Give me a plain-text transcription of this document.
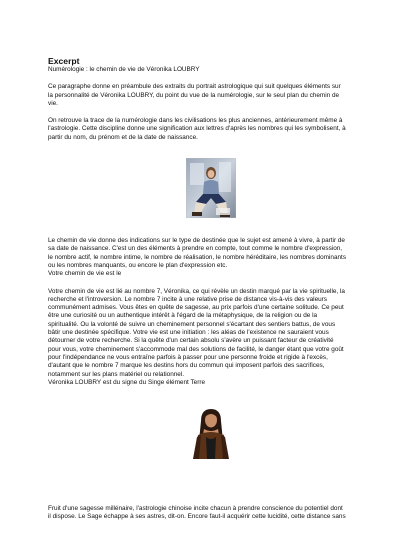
Excerpt
Numérologie : le chemin de vie de Véronika LOUBRY

Ce paragraphe donne en préambule des extraits du portrait astrologique qui suit quelques éléments sur
la personnalité de Véronika LOUBRY, du point du vue de la numérologie, sur le seul plan du chemin de
vie.

On retrouve la trace de la numérologie dans les civilisations les plus anciennes, antérieurement même à
l'astrologie. Cette discipline donne une signification aux lettres d'après les nombres qui les symbolisent, à
partir du nom, du prénom et de la date de naissance.

Le chemin de vie donne des indications sur le type de destinée que le sujet est amené à vivre, à partir de
sa date de naissance. C'est un des éléments à prendre en compte, tout comme le nombre d'expression,
le nombre actif, le nombre intime, le nombre de réalisation, le nombre héréditaire, les nombres dominants
ou les nombres manquants, ou encore le plan d'expression etc.
Votre chemin de vie est le

Votre chemin de vie est lié au nombre 7, Véronika, ce qui révèle un destin marqué par la vie spirituelle, la
recherche et l'introversion. Le nombre 7 incite à une relative prise de distance vis-à-vis des valeurs
communément admises. Vous êtes en quête de sagesse, au prix parfois d'une certaine solitude. Ce peut
être une curiosité ou un authentique intérêt à l'égard de la métaphysique, de la religion ou de la
spiritualité. Ou la volonté de suivre un cheminement personnel s'écartant des sentiers battus, de vous
bâtir une destinée spécifique. Votre vie est une initiation : les aléas de l'existence ne sauraient vous
détourner de votre recherche. Si la quête d'un certain absolu s'avère un puissant facteur de créativité
pour vous, votre cheminement s'accommode mal des solutions de facilité, le danger étant que votre goût
pour l'indépendance ne vous entraîne parfois à passer pour une personne froide et rigide à l'excès,
d'autant que le nombre 7 marque les destins hors du commun qui imposent parfois des sacrifices,
notamment sur les plans matériel ou relationnel.
Véronika LOUBRY est du signe du Singe élément Terre

Fruit d'une sagesse millénaire, l'astrologie chinoise incite chacun à prendre conscience du potentiel dont
il dispose. Le Sage échappe à ses astres, dit-on. Encore faut-il acquérir cette lucidité, cette distance sans
